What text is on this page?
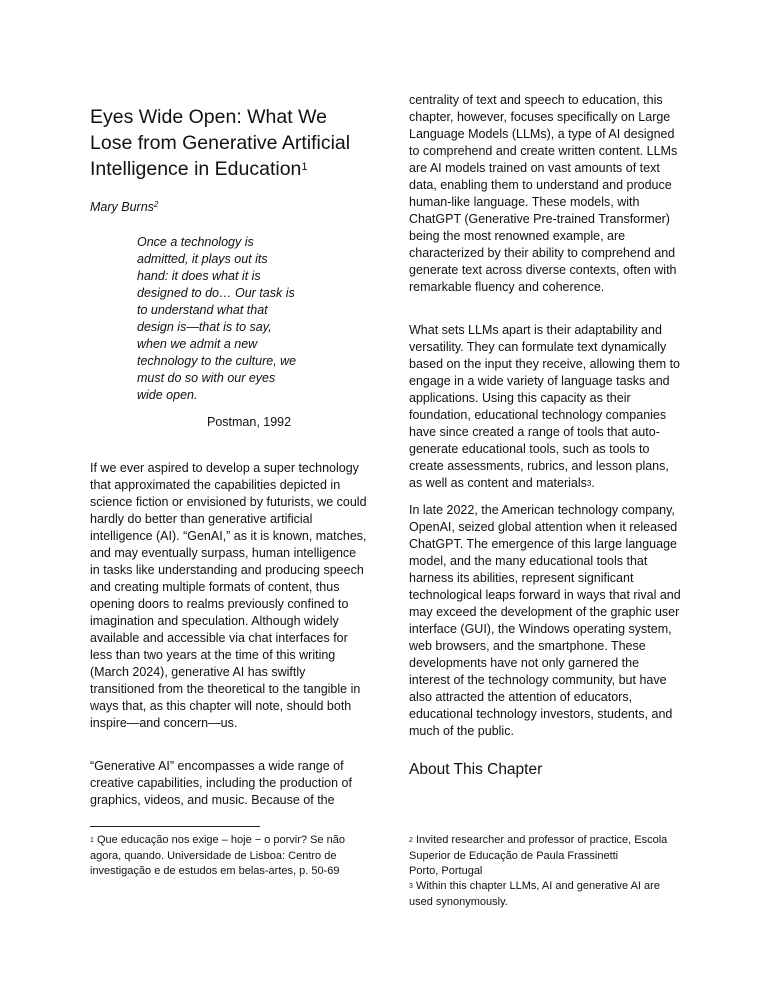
Eyes Wide Open: What We Lose from Generative Artificial Intelligence in Education$^1$
Mary Burns$^2$

Once a technology is admitted, it plays out its hand: it does what it is designed to do… Our task is to understand what that design is—that is to say, when we admit a new technology to the culture, we must do so with our eyes wide open.

Postman, 1992

If we ever aspired to develop a super technology that approximated the capabilities depicted in science fiction or envisioned by futurists, we could hardly do better than generative artificial intelligence (AI). “GenAI,” as it is known, matches, and may eventually surpass, human intelligence in tasks like understanding and producing speech and creating multiple formats of content, thus opening doors to realms previously confined to imagination and speculation. Although widely available and accessible via chat interfaces for less than two years at the time of this writing (March 2024), generative AI has swiftly transitioned from the theoretical to the tangible in ways that, as this chapter will note, should both inspire—and concern—us.

“Generative AI” encompasses a wide range of creative capabilities, including the production of graphics, videos, and music. Because of the

centrality of text and speech to education, this chapter, however, focuses specifically on Large Language Models (LLMs), a type of AI designed to comprehend and create written content. LLMs are AI models trained on vast amounts of text data, enabling them to understand and produce human-like language. These models, with ChatGPT (Generative Pre-trained Transformer) being the most renowned example, are characterized by their ability to comprehend and generate text across diverse contexts, often with remarkable fluency and coherence.

What sets LLMs apart is their adaptability and versatility. They can formulate text dynamically based on the input they receive, allowing them to engage in a wide variety of language tasks and applications. Using this capacity as their foundation, educational technology companies have since created a range of tools that auto-generate educational tools, such as tools to create assessments, rubrics, and lesson plans, as well as content and materials$^3$.

In late 2022, the American technology company, OpenAI, seized global attention when it released ChatGPT. The emergence of this large language model, and the many educational tools that harness its abilities, represent significant technological leaps forward in ways that rival and may exceed the development of the graphic user interface (GUI), the Windows operating system, web browsers, and the smartphone. These developments have not only garnered the interest of the technology community, but have also attracted the attention of educators, educational technology investors, students, and much of the public.

About This Chapter
$^1$ Que educação nos exige – hoje − o porvir? Se não agora, quando. Universidade de Lisboa: Centro de investigação e de estudos em belas-artes, p. 50-69
$^2$ Invited researcher and professor of practice, Escola Superior de Educação de Paula Frassinetti
Porto, Portugal
$^3$ Within this chapter LLMs, AI and generative AI are used synonymously.
